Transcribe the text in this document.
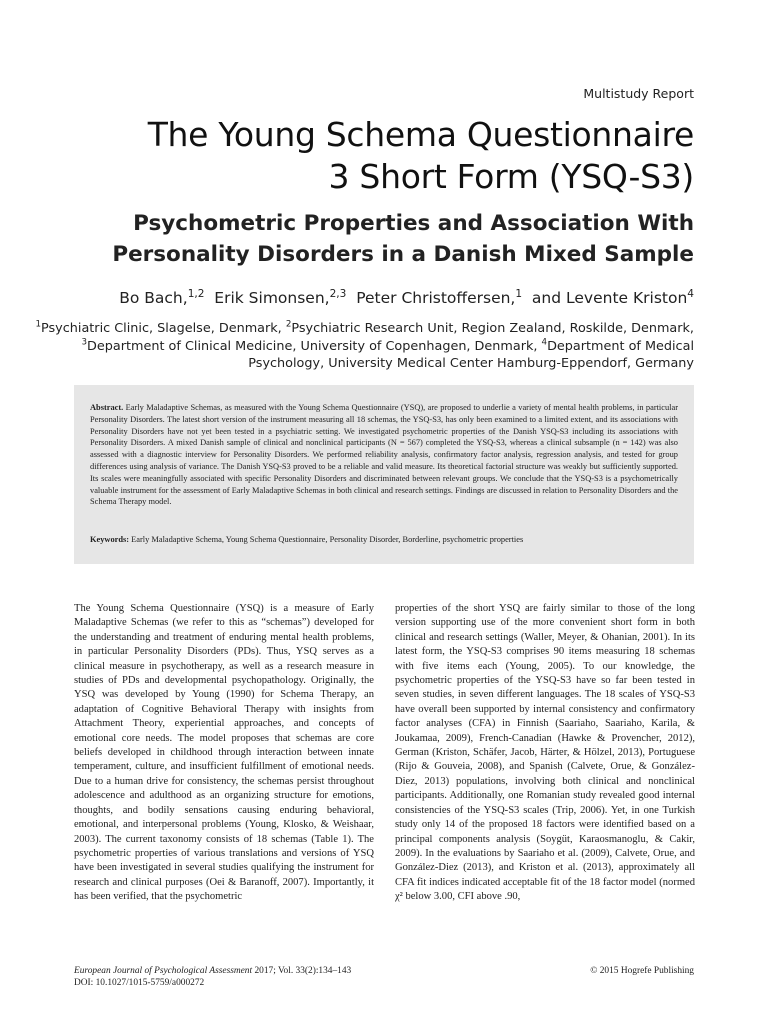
Multistudy Report
The Young Schema Questionnaire
3 Short Form (YSQ-S3)
Psychometric Properties and Association With
Personality Disorders in a Danish Mixed Sample
Bo Bach,$^{1,2}$ Erik Simonsen,$^{2,3}$ Peter Christoffersen,$^1$ and Levente Kriston$^4$
$^1$Psychiatric Clinic, Slagelse, Denmark, $^2$Psychiatric Research Unit, Region Zealand, Roskilde, Denmark,
$^3$Department of Clinical Medicine, University of Copenhagen, Denmark, $^4$Department of Medical Psychology, University Medical Center Hamburg-Eppendorf, Germany

Abstract. Early Maladaptive Schemas, as measured with the Young Schema Questionnaire (YSQ), are proposed to underlie a variety of mental health problems, in particular Personality Disorders. The latest short version of the instrument measuring all 18 schemas, the YSQ-S3, has only been examined to a limited extent, and its associations with Personality Disorders have not yet been tested in a psychiatric setting. We investigated psychometric properties of the Danish YSQ-S3 including its associations with Personality Disorders. A mixed Danish sample of clinical and nonclinical participants (N = 567) completed the YSQ-S3, whereas a clinical subsample (n = 142) was also assessed with a diagnostic interview for Personality Disorders. We performed reliability analysis, confirmatory factor analysis, regression analysis, and tested for group differences using analysis of variance. The Danish YSQ-S3 proved to be a reliable and valid measure. Its theoretical factorial structure was weakly but sufficiently supported. Its scales were meaningfully associated with specific Personality Disorders and discriminated between relevant groups. We conclude that the YSQ-S3 is a psychometrically valuable instrument for the assessment of Early Maladaptive Schemas in both clinical and research settings. Findings are discussed in relation to Personality Disorders and the Schema Therapy model.

Keywords: Early Maladaptive Schema, Young Schema Questionnaire, Personality Disorder, Borderline, psychometric properties

The Young Schema Questionnaire (YSQ) is a measure of Early Maladaptive Schemas (we refer to this as “schemas”) developed for the understanding and treatment of enduring mental health problems, in particular Personality Disorders (PDs). Thus, YSQ serves as a clinical measure in psychotherapy, as well as a research measure in studies of PDs and developmental psychopathology. Originally, the YSQ was developed by Young (1990) for Schema Therapy, an adaptation of Cognitive Behavioral Therapy with insights from Attachment Theory, experiential approaches, and concepts of emotional core needs. The model proposes that schemas are core beliefs developed in childhood through interaction between innate temperament, culture, and insufficient fulfillment of emotional needs. Due to a human drive for consistency, the schemas persist throughout adolescence and adulthood as an organizing structure for emotions, thoughts, and bodily sensations causing enduring behavioral, emotional, and interpersonal problems (Young, Klosko, & Weishaar, 2003). The current taxonomy consists of 18 schemas (Table 1). The psychometric properties of various translations and versions of YSQ have been investigated in several studies qualifying the instrument for research and clinical purposes (Oei & Baranoff, 2007). Importantly, it has been verified, that the psychometric

properties of the short YSQ are fairly similar to those of the long version supporting use of the more convenient short form in both clinical and research settings (Waller, Meyer, & Ohanian, 2001). In its latest form, the YSQ-S3 comprises 90 items measuring 18 schemas with five items each (Young, 2005). To our knowledge, the psychometric properties of the YSQ-S3 have so far been tested in seven studies, in seven different languages. The 18 scales of YSQ-S3 have overall been supported by internal consistency and confirmatory factor analyses (CFA) in Finnish (Saariaho, Saariaho, Karila, & Joukamaa, 2009), French-Canadian (Hawke & Provencher, 2012), German (Kriston, Schäfer, Jacob, Härter, & Hölzel, 2013), Portuguese (Rijo & Gouveia, 2008), and Spanish (Calvete, Orue, & González-Diez, 2013) populations, involving both clinical and nonclinical participants. Additionally, one Romanian study revealed good internal consistencies of the YSQ-S3 scales (Trip, 2006). Yet, in one Turkish study only 14 of the proposed 18 factors were identified based on a principal components analysis (Soygüt, Karaosmanoglu, & Cakir, 2009). In the evaluations by Saariaho et al. (2009), Calvete, Orue, and González-Diez (2013), and Kriston et al. (2013), approximately all CFA fit indices indicated acceptable fit of the 18 factor model (normed χ² below 3.00, CFI above .90,

European Journal of Psychological Assessment 2017; Vol. 33(2):134–143
DOI: 10.1027/1015-5759/a000272
© 2015 Hogrefe Publishing
